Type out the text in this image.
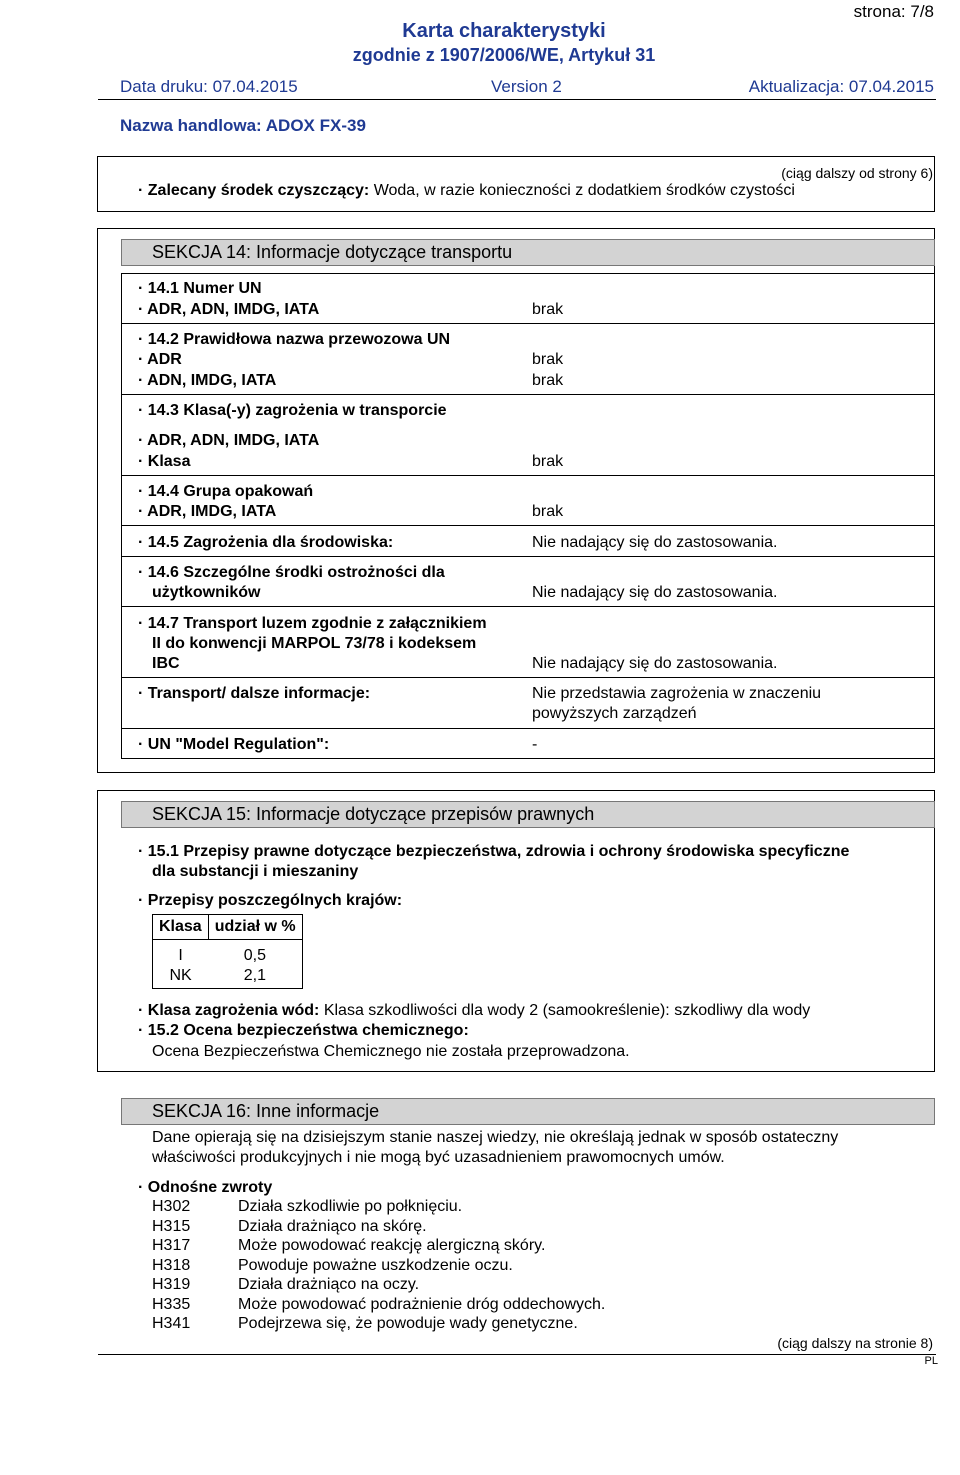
strona: 7/8
Karta charakterystyki
zgodnie z 1907/2006/WE, Artykuł 31
Data druku: 07.04.2015	Version 2	Aktualizacja: 07.04.2015
Nazwa handlowa: ADOX FX-39
(ciąg dalszy od strony 6)
· Zalecany środek czyszczący: Woda, w razie konieczności z dodatkiem środków czystości
SEKCJA 14: Informacje dotyczące transportu
· 14.1 Numer UN
· ADR, ADN, IMDG, IATA	brak
· 14.2 Prawidłowa nazwa przewozowa UN
· ADR	brak
· ADN, IMDG, IATA	brak
· 14.3 Klasa(-y) zagrożenia w transporcie
· ADR, ADN, IMDG, IATA
· Klasa	brak
· 14.4 Grupa opakowań
· ADR, IMDG, IATA	brak
· 14.5 Zagrożenia dla środowiska:	Nie nadający się do zastosowania.
· 14.6 Szczególne środki ostrożności dla
użytkowników	Nie nadający się do zastosowania.
· 14.7 Transport luzem zgodnie z załącznikiem
II do konwencji MARPOL 73/78 i kodeksem
IBC	Nie nadający się do zastosowania.
· Transport/ dalsze informacje:	Nie przedstawia zagrożenia w znaczeniu
powyższych zarządzeń
· UN "Model Regulation":	-
SEKCJA 15: Informacje dotyczące przepisów prawnych
· 15.1 Przepisy prawne dotyczące bezpieczeństwa, zdrowia i ochrony środowiska specyficzne
dla substancji i mieszaniny
· Przepisy poszczególnych krajów:
Klasa	udział w %
I	0,5
NK	2,1
· Klasa zagrożenia wód: Klasa szkodliwości dla wody 2 (samookreślenie): szkodliwy dla wody
· 15.2 Ocena bezpieczeństwa chemicznego:
Ocena Bezpieczeństwa Chemicznego nie została przeprowadzona.
SEKCJA 16: Inne informacje
Dane opierają się na dzisiejszym stanie naszej wiedzy, nie określają jednak w sposób ostateczny
właściwości produkcyjnych i nie mogą być uzasadnieniem prawomocnych umów.
· Odnośne zwroty
H302	Działa szkodliwie po połknięciu.
H315	Działa drażniąco na skórę.
H317	Może powodować reakcję alergiczną skóry.
H318	Powoduje poważne uszkodzenie oczu.
H319	Działa drażniąco na oczy.
H335	Może powodować podrażnienie dróg oddechowych.
H341	Podejrzewa się, że powoduje wady genetyczne.
(ciąg dalszy na stronie 8)
PL
